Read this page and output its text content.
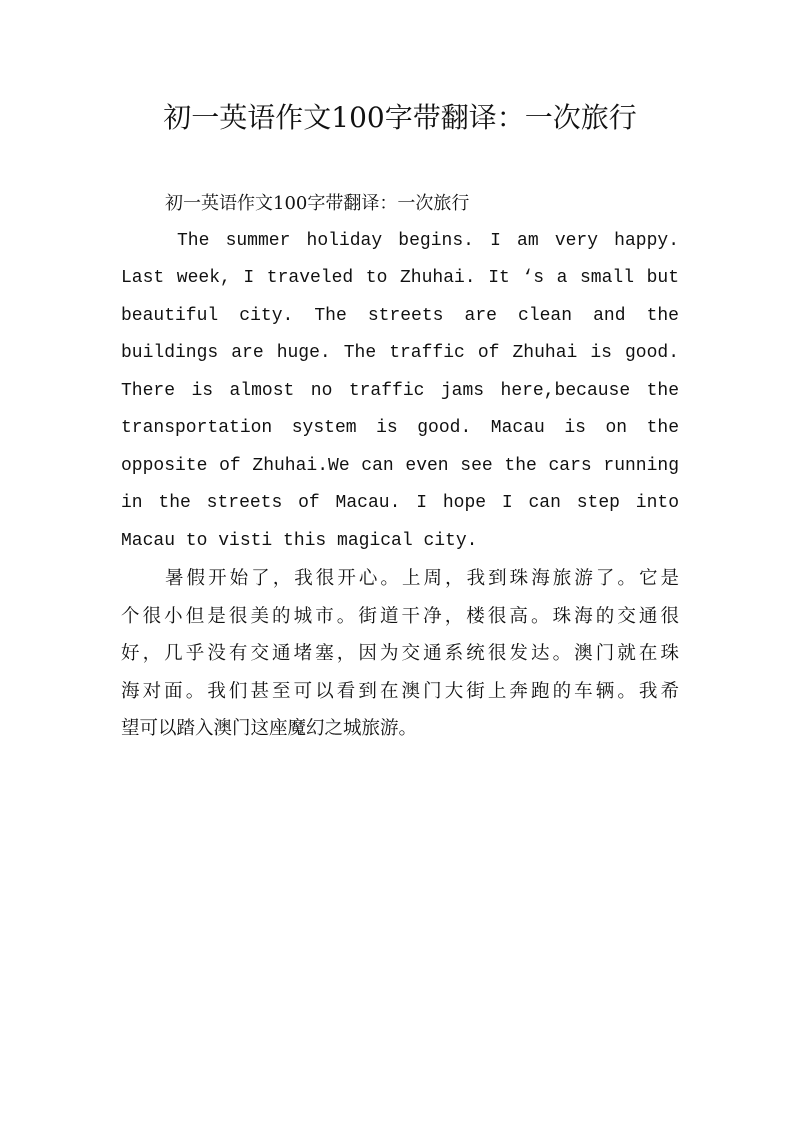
初一英语作文100字带翻译：一次旅行

初一英语作文100字带翻译：一次旅行

The summer holiday begins. I am very happy.
Last week, I traveled to Zhuhai. It ‘s a small but
beautiful city. The streets are clean and the
buildings are huge. The traffic of Zhuhai is good.
There is almost no traffic jams here,because the
transportation system is good. Macau is on the
opposite of Zhuhai.We can even see the cars running
in the streets of Macau. I hope I can step into
Macau to visti this magical city.

暑假开始了，我很开心。上周，我到珠海旅游了。它是
个很小但是很美的城市。街道干净，楼很高。珠海的交通很
好，几乎没有交通堵塞，因为交通系统很发达。澳门就在珠
海对面。我们甚至可以看到在澳门大街上奔跑的车辆。我希
望可以踏入澳门这座魔幻之城旅游。
